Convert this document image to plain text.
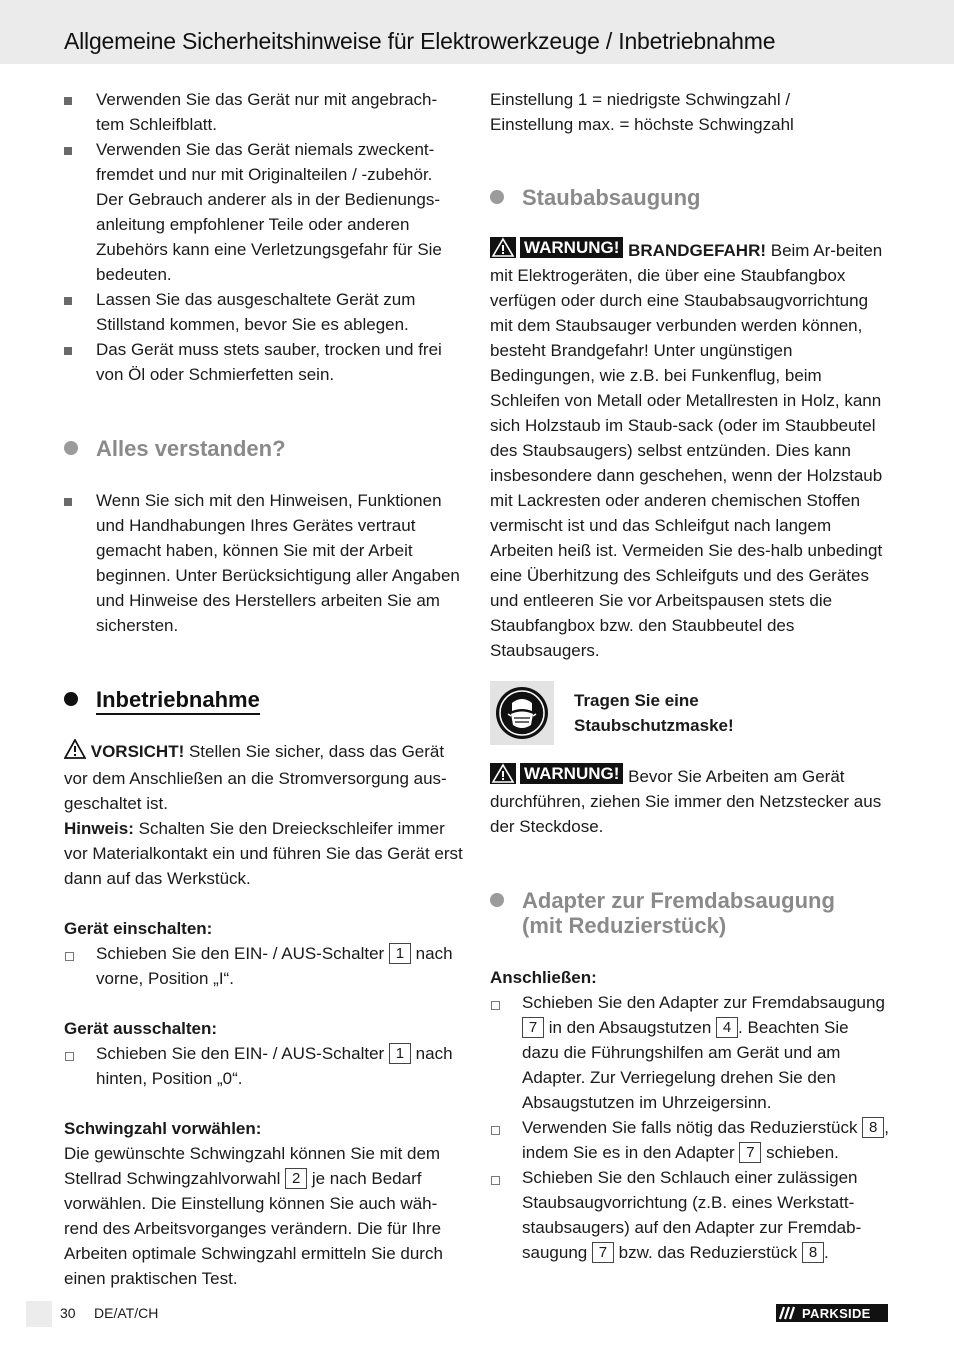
Allgemeine Sicherheitshinweise für Elektrowerkzeuge / Inbetriebnahme

Verwenden Sie das Gerät nur mit angebrach-tem Schleifblatt.

Verwenden Sie das Gerät niemals zweckent-fremdet und nur mit Originalteilen / -zubehör. Der Gebrauch anderer als in der Bedienungs-anleitung empfohlener Teile oder anderen Zubehörs kann eine Verletzungsgefahr für Sie bedeuten.

Lassen Sie das ausgeschaltete Gerät zum Stillstand kommen, bevor Sie es ablegen.

Das Gerät muss stets sauber, trocken und frei von Öl oder Schmierfetten sein.

Alles verstanden?

Wenn Sie sich mit den Hinweisen, Funktionen und Handhabungen Ihres Gerätes vertraut gemacht haben, können Sie mit der Arbeit beginnen. Unter Berücksichtigung aller Angaben und Hinweise des Herstellers arbeiten Sie am sichersten.

Inbetriebnahme

VORSICHT! Stellen Sie sicher, dass das Gerät vor dem Anschließen an die Stromversorgung aus-geschaltet ist.

Hinweis: Schalten Sie den Dreieckschleifer immer vor Materialkontakt ein und führen Sie das Gerät erst dann auf das Werkstück.

Gerät einschalten:

Schieben Sie den EIN- / AUS-Schalter 1 nach vorne, Position „I“.

Gerät ausschalten:

Schieben Sie den EIN- / AUS-Schalter 1 nach hinten, Position „0“.

Schwingzahl vorwählen:

Die gewünschte Schwingzahl können Sie mit dem Stellrad Schwingzahlvorwahl 2 je nach Bedarf vorwählen. Die Einstellung können Sie auch wäh-rend des Arbeitsvorganges verändern. Die für Ihre Arbeiten optimale Schwingzahl ermitteln Sie durch einen praktischen Test.

Einstellung 1 = niedrigste Schwingzahl /

Einstellung max. = höchste Schwingzahl

Staubabsaugung

WARNUNG! BRANDGEFAHR! Beim Ar-beiten mit Elektrogeräten, die über eine Staubfangbox verfügen oder durch eine Staubabsaugvorrichtung mit dem Staubsauger verbunden werden können, besteht Brandgefahr! Unter ungünstigen Bedingungen, wie z.B. bei Funkenflug, beim Schleifen von Metall oder Metallresten in Holz, kann sich Holzstaub im Staub-sack (oder im Staubbeutel des Staubsaugers) selbst entzünden. Dies kann insbesondere dann geschehen, wenn der Holzstaub mit Lackresten oder anderen chemischen Stoffen vermischt ist und das Schleifgut nach langem Arbeiten heiß ist. Vermeiden Sie des-halb unbedingt eine Überhitzung des Schleifguts und des Gerätes und entleeren Sie vor Arbeitspausen stets die Staubfangbox bzw. den Staubbeutel des Staubsaugers.

Tragen Sie eine
Staubschutzmaske!

WARNUNG! Bevor Sie Arbeiten am Gerät durchführen, ziehen Sie immer den Netzstecker aus der Steckdose.

Adapter zur Fremdabsaugung
(mit Reduzierstück)

Anschließen:

Schieben Sie den Adapter zur Fremdabsaugung 7 in den Absaugstutzen 4 . Beachten Sie dazu die Führungshilfen am Gerät und am Adapter. Zur Verriegelung drehen Sie den Absaugstutzen im Uhrzeigersinn.

Verwenden Sie falls nötig das Reduzierstück 8 , indem Sie es in den Adapter 7 schieben.

Schieben Sie den Schlauch einer zulässigen Staubsaugvorrichtung (z.B. eines Werkstatt-staubsaugers) auf den Adapter zur Fremdab-saugung 7 bzw. das Reduzierstück 8 .

30 DE/AT/CH	PARKSIDE
